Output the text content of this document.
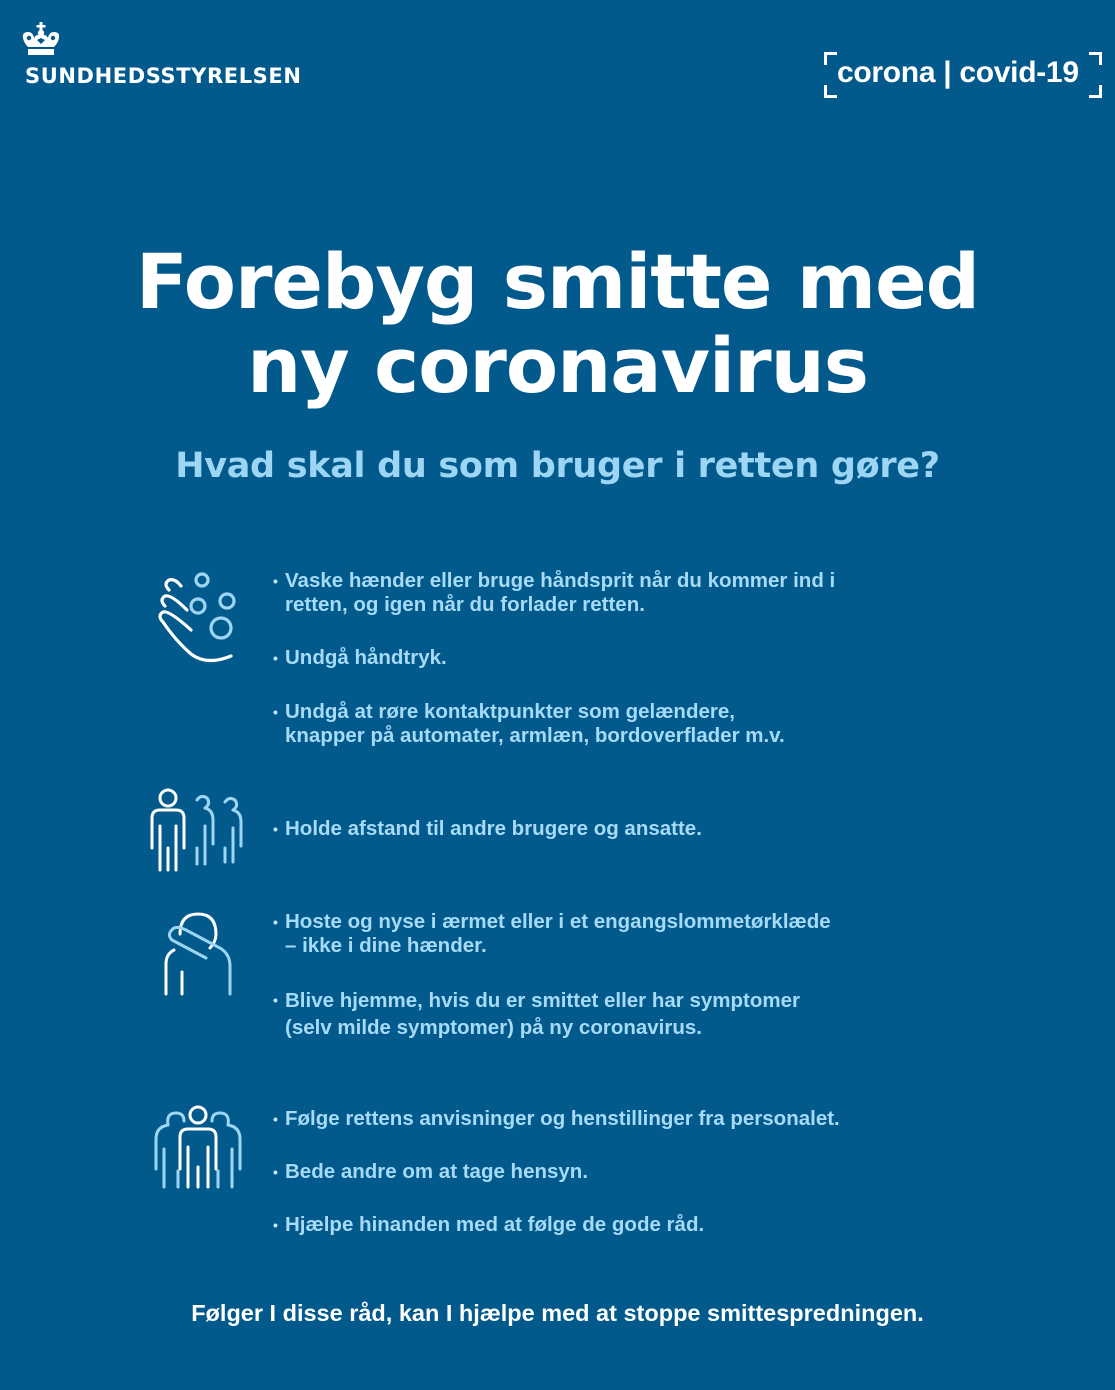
SUNDHEDSSTYRELSEN	corona | covid-19
Forebyg smitte med
ny coronavirus
Hvad skal du som bruger i retten gøre?
• Vaske hænder eller bruge håndsprit når du kommer ind i
retten, og igen når du forlader retten.
• Undgå håndtryk.
• Undgå at røre kontaktpunkter som gelændere,
knapper på automater, armlæn, bordoverflader m.v.
• Holde afstand til andre brugere og ansatte.
• Hoste og nyse i ærmet eller i et engangslommetørklæde
– ikke i dine hænder.
• Blive hjemme, hvis du er smittet eller har symptomer
(selv milde symptomer) på ny coronavirus.
• Følge rettens anvisninger og henstillinger fra personalet.
• Bede andre om at tage hensyn.
• Hjælpe hinanden med at følge de gode råd.
Følger I disse råd, kan I hjælpe med at stoppe smittespredningen.
